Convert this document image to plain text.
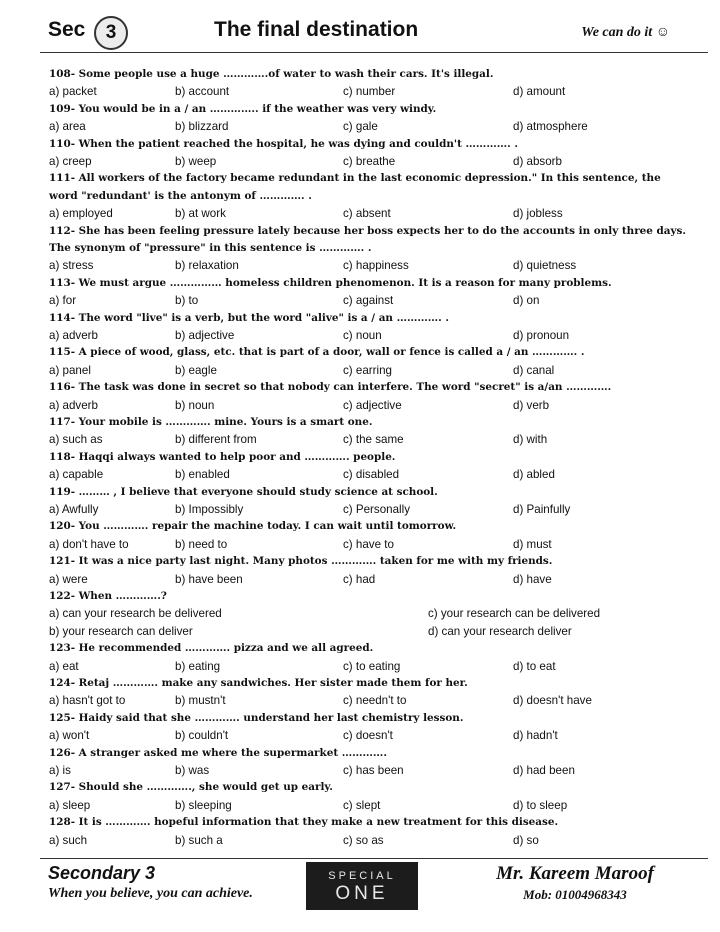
Sec	3	The final destination	We can do it ☺
108- Some people use a huge ………….of water to wash their cars. It's illegal.
a) packet	b) account	c) number	d) amount
109- You would be in a / an ………….. if the weather was very windy.
a) area	b) blizzard	c) gale	d) atmosphere
110- When the patient reached the hospital, he was dying and couldn't …………. .
a) creep	b) weep	c) breathe	d) absorb
111- All workers of the factory became redundant in the last economic depression." In this sentence, the word "redundant' is the antonym of …………. .
a) employed	b) at work	c) absent	d) jobless
112- She has been feeling pressure lately because her boss expects her to do the accounts in only three days. The synonym of "pressure" in this sentence is …………. .
a) stress	b) relaxation	c) happiness	d) quietness
113- We must argue …………… homeless children phenomenon. It is a reason for many problems.
a) for	b) to	c) against	d) on
114- The word "live" is a verb, but the word "alive" is a / an …………. .
a) adverb	b) adjective	c) noun	d) pronoun
115- A piece of wood, glass, etc. that is part of a door, wall or fence is called a / an …………. .
a) panel	b) eagle	c) earring	d) canal
116- The task was done in secret so that nobody can interfere. The word "secret" is a/an ………….
a) adverb	b) noun	c) adjective	d) verb
117- Your mobile is …………. mine. Yours is a smart one.
a) such as	b) different from	c) the same	d) with
118- Haqqi always wanted to help poor and …………. people.
a) capable	b) enabled	c) disabled	d) abled
119- ……… , I believe that everyone should study science at school.
a) Awfully	b) Impossibly	c) Personally	d) Painfully
120- You …………. repair the machine today. I can wait until tomorrow.
a) don't have to	b) need to	c) have to	d) must
121- It was a nice party last night. Many photos …………. taken for me with my friends.
a) were	b) have been	c) had	d) have
122- When ………….?
a) can your research be delivered	c) your research can be delivered
b) your research can deliver	d) can your research deliver
123- He recommended …………. pizza and we all agreed.
a) eat	b) eating	c) to eating	d) to eat
124- Retaj …………. make any sandwiches. Her sister made them for her.
a) hasn't got to	b) mustn't	c) needn't to	d) doesn't have
125- Haidy said that she …………. understand her last chemistry lesson.
a) won't	b) couldn't	c) doesn't	d) hadn't
126- A stranger asked me where the supermarket ………….
a) is	b) was	c) has been	d) had been
127- Should she …………., she would get up early.
a) sleep	b) sleeping	c) slept	d) to sleep
128- It is …………. hopeful information that they make a new treatment for this disease.
a) such	b) such a	c) so as	d) so
Secondary 3
When you believe, you can achieve.
SPECIAL
ONE
Mr. Kareem Maroof
Mob: 01004968343
